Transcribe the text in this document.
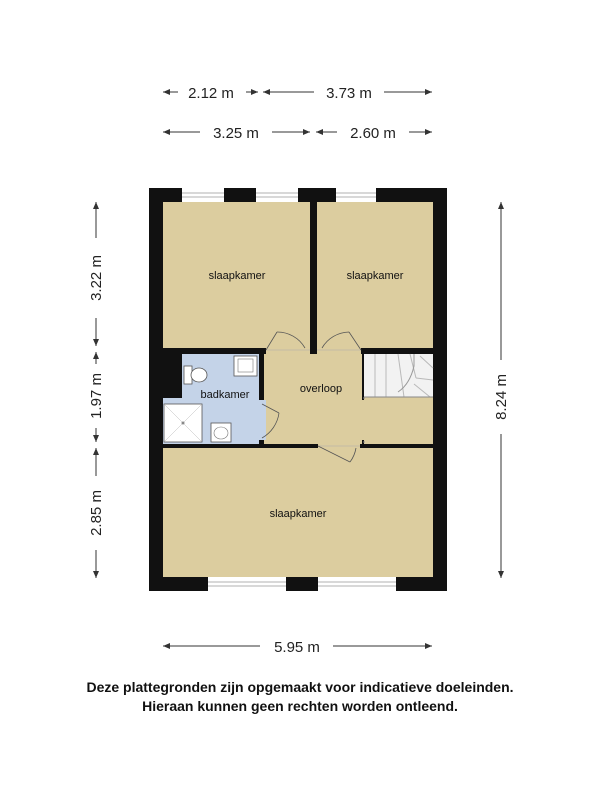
2.12 m	3.73 m
3.25 m	2.60 m
3.22 m
1.97 m
2.85 m
8.24 m
slaapkamer	slaapkamer
badkamer	overloop
slaapkamer
5.95 m
Deze plattegronden zijn opgemaakt voor indicatieve doeleinden.
Hieraan kunnen geen rechten worden ontleend.
